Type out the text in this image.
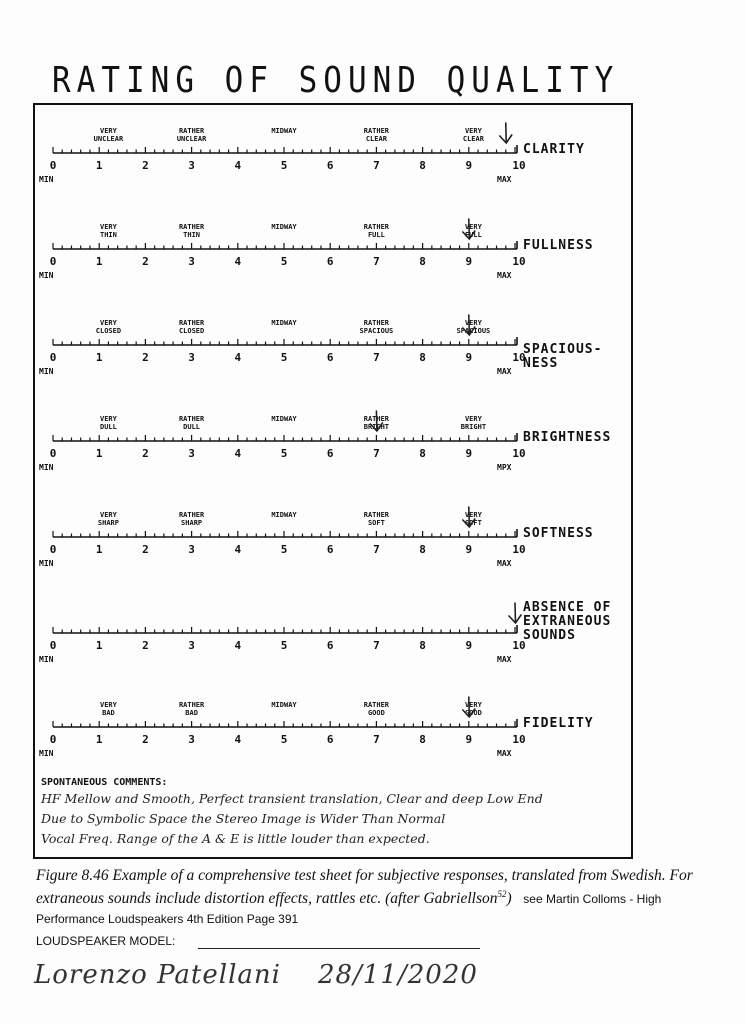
RATING OF SOUND QUALITY
SPONTANEOUS COMMENTS:
HF Mellow and Smooth, Perfect transient translation, Clear and deep Low End
Due to Symbolic Space the Stereo Image is Wider Than Normal
Vocal Freq. Range of the A & E is little louder than expected.
VERY
UNCLEAR
RATHER
UNCLEAR
MIDWAY	RATHER
CLEAR
VERY
CLEAR
0	1	2	3	4	5	6	7	8	9	10
MIN	MAX
CLARITY
VERY
THIN
RATHER
THIN
MIDWAY	RATHER
FULL
VERY
FULL
0	1	2	3	4	5	6	7	8	9	10
MIN	MAX
FULLNESS
VERY
CLOSED
RATHER
CLOSED
MIDWAY	RATHER
SPACIOUS
VERY
SPACIOUS
0	1	2	3	4	5	6	7	8	9	10
MIN	MAX
SPACIOUS-
NESS
VERY
DULL
RATHER
DULL
MIDWAY	RATHER
BRIGHT
VERY
BRIGHT
0	1	2	3	4	5	6	7	8	9	10
MIN	MPX
BRIGHTNESS
VERY
SHARP
RATHER
SHARP
MIDWAY	RATHER
SOFT
VERY
SOFT
0	1	2	3	4	5	6	7	8	9	10
MIN	MAX
SOFTNESS
0	1	2	3	4	5	6	7	8	9	10
MIN	MAX
ABSENCE OF
EXTRANEOUS
SOUNDS
VERY
BAD
RATHER
BAD
MIDWAY	RATHER
GOOD
VERY
GOOD
0	1	2	3	4	5	6	7	8	9	10
MIN	MAX
FIDELITY
Figure 8.46 Example of a comprehensive test sheet for subjective responses, translated from Swedish. For extraneous sounds include distortion effects, rattles etc. (after Gabriellson$^{52}$) see Martin Colloms - High Performance Loudspeakers 4th Edition Page 391
LOUDSPEAKER MODEL:
Lorenzo Patellani 28/11/2020
